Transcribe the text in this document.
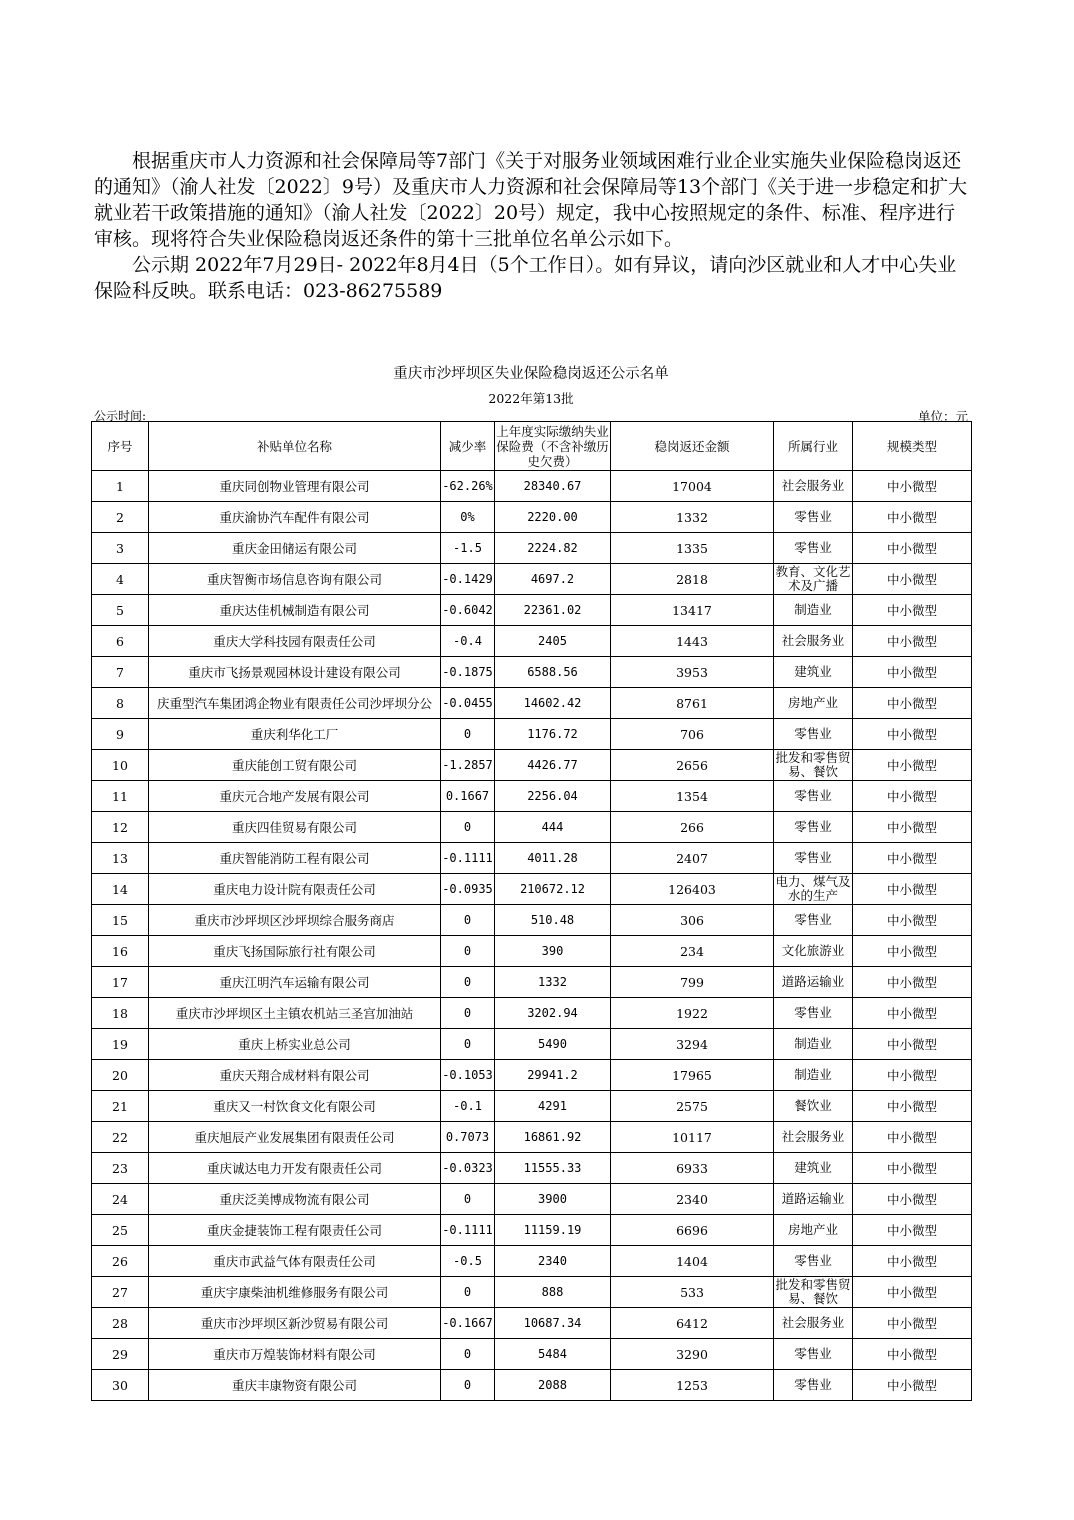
根据重庆市人力资源和社会保障局等7部门《关于对服务业领域困难行业企业实施失业保险稳岗返还的通知》（渝人社发〔2022〕9号）及重庆市人力资源和社会保障局等13个部门《关于进一步稳定和扩大就业若干政策措施的通知》（渝人社发〔2022〕20号）规定，我中心按照规定的条件、标准、程序进行审核。现将符合失业保险稳岗返还条件的第十三批单位名单公示如下。

公示期 2022年7月29日- 2022年8月4日（5个工作日）。如有异议，请向沙区就业和人才中心失业保险科反映。联系电话：023-86275589

重庆市沙坪坝区失业保险稳岗返还公示名单
2022年第13批
公示时间:	单位：元
序号	补贴单位名称	减少率	上年度实际缴纳失业保险费（不含补缴历史欠费）	稳岗返还金额	所属行业	规模类型
1	重庆同创物业管理有限公司	-62.26%	28340.67	17004	社会服务业	中小微型
2	重庆渝协汽车配件有限公司	0%	2220.00	1332	零售业	中小微型
3	重庆金田储运有限公司	-1.5	2224.82	1335	零售业	中小微型
4	重庆智衡市场信息咨询有限公司	-0.1429	4697.2	2818	教育、文化艺术及广播	中小微型
5	重庆达佳机械制造有限公司	-0.6042	22361.02	13417	制造业	中小微型
6	重庆大学科技园有限责任公司	-0.4	2405	1443	社会服务业	中小微型
7	重庆市飞扬景观园林设计建设有限公司	-0.1875	6588.56	3953	建筑业	中小微型
8	庆重型汽车集团鸿企物业有限责任公司沙坪坝分公	-0.0455	14602.42	8761	房地产业	中小微型
9	重庆利华化工厂	0	1176.72	706	零售业	中小微型
10	重庆能创工贸有限公司	-1.2857	4426.77	2656	批发和零售贸易、餐饮	中小微型
11	重庆元合地产发展有限公司	0.1667	2256.04	1354	零售业	中小微型
12	重庆四佳贸易有限公司	0	444	266	零售业	中小微型
13	重庆智能消防工程有限公司	-0.1111	4011.28	2407	零售业	中小微型
14	重庆电力设计院有限责任公司	-0.0935	210672.12	126403	电力、煤气及水的生产	中小微型
15	重庆市沙坪坝区沙坪坝综合服务商店	0	510.48	306	零售业	中小微型
16	重庆飞扬国际旅行社有限公司	0	390	234	文化旅游业	中小微型
17	重庆江明汽车运输有限公司	0	1332	799	道路运输业	中小微型
18	重庆市沙坪坝区土主镇农机站三圣宫加油站	0	3202.94	1922	零售业	中小微型
19	重庆上桥实业总公司	0	5490	3294	制造业	中小微型
20	重庆天翔合成材料有限公司	-0.1053	29941.2	17965	制造业	中小微型
21	重庆又一村饮食文化有限公司	-0.1	4291	2575	餐饮业	中小微型
22	重庆旭辰产业发展集团有限责任公司	0.7073	16861.92	10117	社会服务业	中小微型
23	重庆诚达电力开发有限责任公司	-0.0323	11555.33	6933	建筑业	中小微型
24	重庆泛美博成物流有限公司	0	3900	2340	道路运输业	中小微型
25	重庆金捷装饰工程有限责任公司	-0.1111	11159.19	6696	房地产业	中小微型
26	重庆市武益气体有限责任公司	-0.5	2340	1404	零售业	中小微型
27	重庆宇康柴油机维修服务有限公司	0	888	533	批发和零售贸易、餐饮	中小微型
28	重庆市沙坪坝区新沙贸易有限公司	-0.1667	10687.34	6412	社会服务业	中小微型
29	重庆市万煌装饰材料有限公司	0	5484	3290	零售业	中小微型
30	重庆丰康物资有限公司	0	2088	1253	零售业	中小微型
